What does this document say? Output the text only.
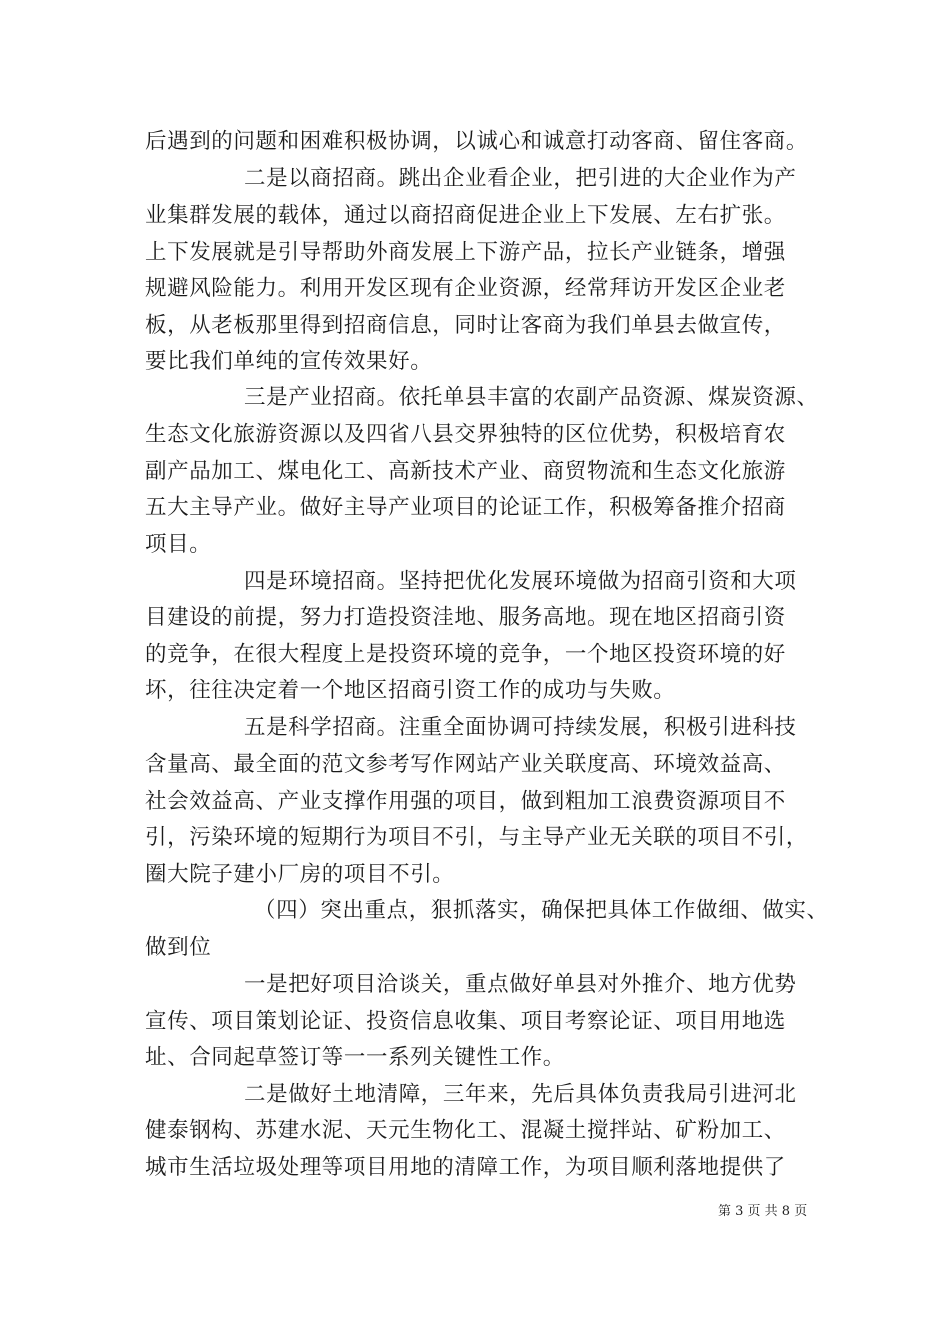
后遇到的问题和困难积极协调，以诚心和诚意打动客商、留住客商。
二是以商招商。跳出企业看企业，把引进的大企业作为产
业集群发展的载体，通过以商招商促进企业上下发展、左右扩张。
上下发展就是引导帮助外商发展上下游产品，拉长产业链条，增强
规避风险能力。利用开发区现有企业资源，经常拜访开发区企业老
板，从老板那里得到招商信息，同时让客商为我们单县去做宣传，
要比我们单纯的宣传效果好。
三是产业招商。依托单县丰富的农副产品资源、煤炭资源、
生态文化旅游资源以及四省八县交界独特的区位优势，积极培育农
副产品加工、煤电化工、高新技术产业、商贸物流和生态文化旅游
五大主导产业。做好主导产业项目的论证工作，积极筹备推介招商
项目。
四是环境招商。坚持把优化发展环境做为招商引资和大项
目建设的前提，努力打造投资洼地、服务高地。现在地区招商引资
的竞争，在很大程度上是投资环境的竞争，一个地区投资环境的好
坏，往往决定着一个地区招商引资工作的成功与失败。
五是科学招商。注重全面协调可持续发展，积极引进科技
含量高、最全面的范文参考写作网站产业关联度高、环境效益高、
社会效益高、产业支撑作用强的项目，做到粗加工浪费资源项目不
引，污染环境的短期行为项目不引，与主导产业无关联的项目不引，
圈大院子建小厂房的项目不引。
（四）突出重点，狠抓落实，确保把具体工作做细、做实、
做到位
一是把好项目洽谈关，重点做好单县对外推介、地方优势
宣传、项目策划论证、投资信息收集、项目考察论证、项目用地选
址、合同起草签订等一一系列关键性工作。
二是做好土地清障，三年来，先后具体负责我局引进河北
健泰钢构、苏建水泥、天元生物化工、混凝土搅拌站、矿粉加工、
城市生活垃圾处理等项目用地的清障工作，为项目顺利落地提供了
第 3 页 共 8 页
